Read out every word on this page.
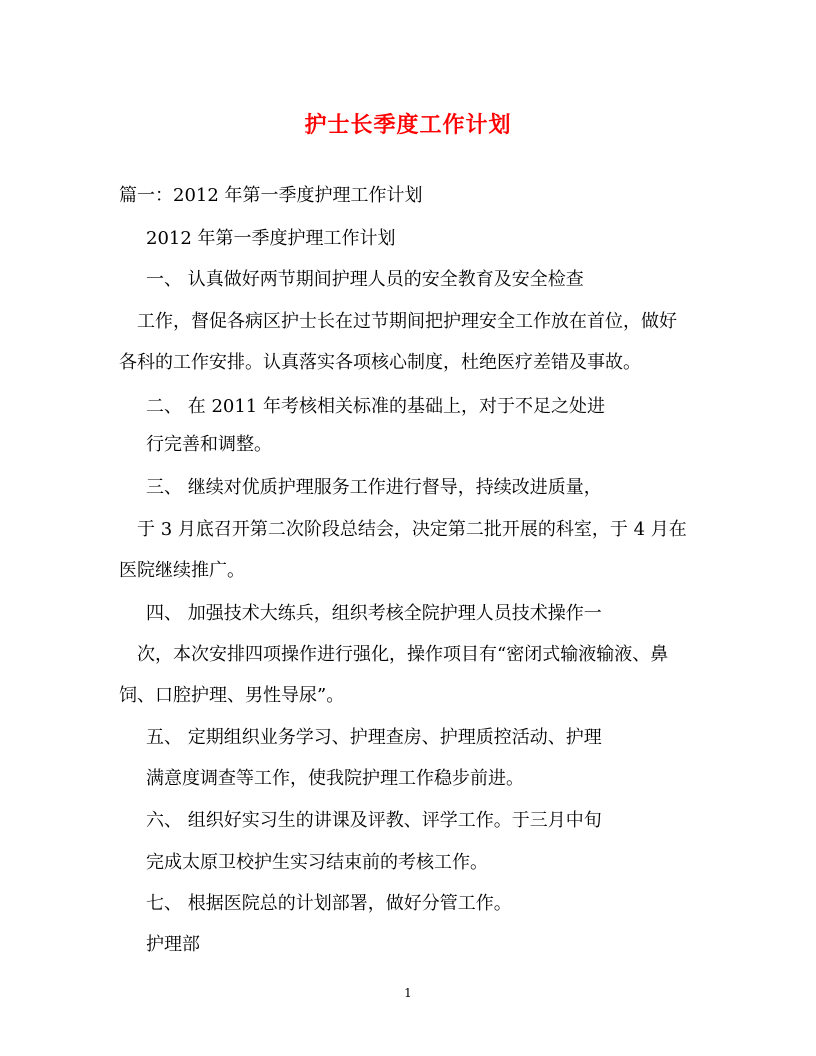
护士长季度工作计划
篇一：2012 年第一季度护理工作计划
2012 年第一季度护理工作计划
一、 认真做好两节期间护理人员的安全教育及安全检查
工作，督促各病区护士长在过节期间把护理安全工作放在首位，做好
各科的工作安排。认真落实各项核心制度，杜绝医疗差错及事故。
二、 在 2011 年考核相关标准的基础上，对于不足之处进
行完善和调整。
三、 继续对优质护理服务工作进行督导，持续改进质量，
于 3 月底召开第二次阶段总结会，决定第二批开展的科室，于 4 月在
医院继续推广。
四、 加强技术大练兵，组织考核全院护理人员技术操作一
次，本次安排四项操作进行强化，操作项目有“密闭式输液输液、鼻
饲、口腔护理、男性导尿”。
五、 定期组织业务学习、护理查房、护理质控活动、护理
满意度调查等工作，使我院护理工作稳步前进。
六、 组织好实习生的讲课及评教、评学工作。于三月中旬
完成太原卫校护生实习结束前的考核工作。
七、 根据医院总的计划部署，做好分管工作。
护理部
1
